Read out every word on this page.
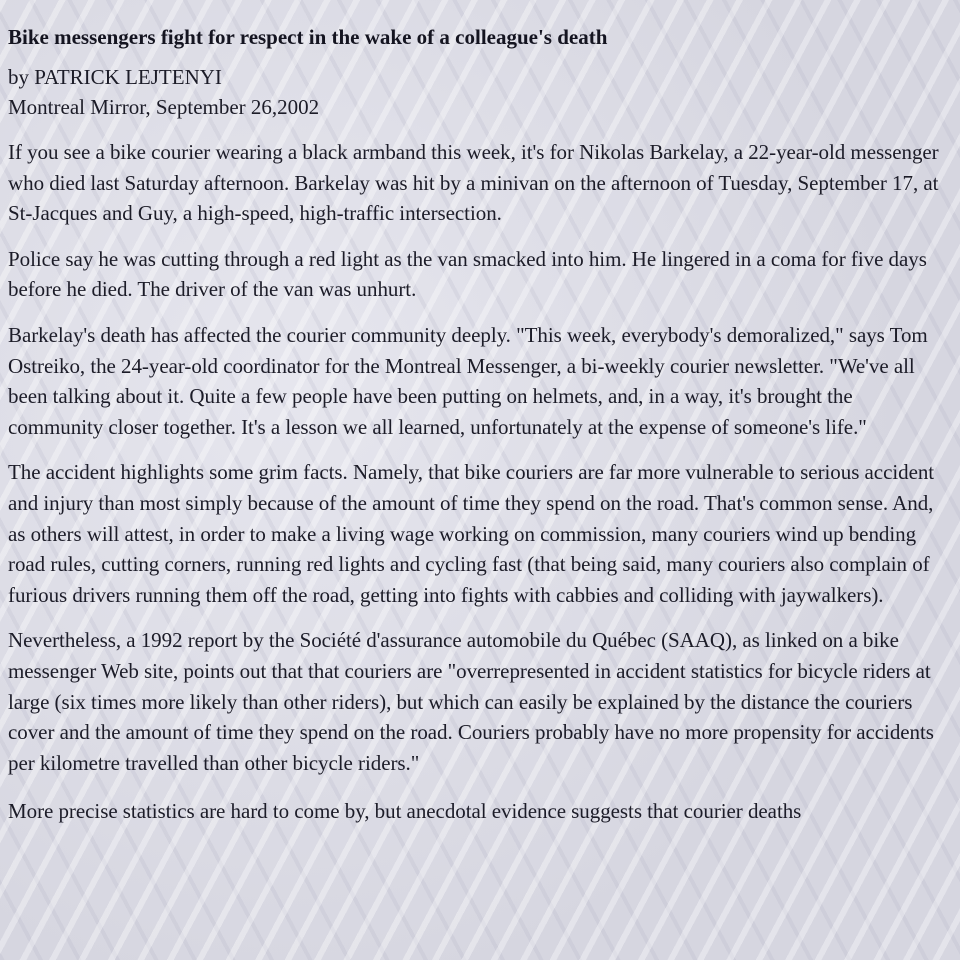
Bike messengers fight for respect in the wake of a colleague's death

by PATRICK LEJTENYI

Montreal Mirror, September 26,2002

If you see a bike courier wearing a black armband this week, it's for Nikolas Barkelay, a 22-year-old messenger who died last Saturday afternoon. Barkelay was hit by a minivan on the afternoon of Tuesday, September 17, at St-Jacques and Guy, a high-speed, high-traffic intersection.

Police say he was cutting through a red light as the van smacked into him. He lingered in a coma for five days before he died. The driver of the van was unhurt.

Barkelay's death has affected the courier community deeply. "This week, everybody's demoralized," says Tom Ostreiko, the 24-year-old coordinator for the Montreal Messenger, a bi-weekly courier newsletter. "We've all been talking about it. Quite a few people have been putting on helmets, and, in a way, it's brought the community closer together. It's a lesson we all learned, unfortunately at the expense of someone's life."

The accident highlights some grim facts. Namely, that bike couriers are far more vulnerable to serious accident and injury than most simply because of the amount of time they spend on the road. That's common sense. And, as others will attest, in order to make a living wage working on commission, many couriers wind up bending road rules, cutting corners, running red lights and cycling fast (that being said, many couriers also complain of furious drivers running them off the road, getting into fights with cabbies and colliding with jaywalkers).

Nevertheless, a 1992 report by the Société d'assurance automobile du Québec (SAAQ), as linked on a bike messenger Web site, points out that that couriers are "overrepresented in accident statistics for bicycle riders at large (six times more likely than other riders), but which can easily be explained by the distance the couriers cover and the amount of time they spend on the road. Couriers probably have no more propensity for accidents per kilometre travelled than other bicycle riders."

More precise statistics are hard to come by, but anecdotal evidence suggests that courier deaths
